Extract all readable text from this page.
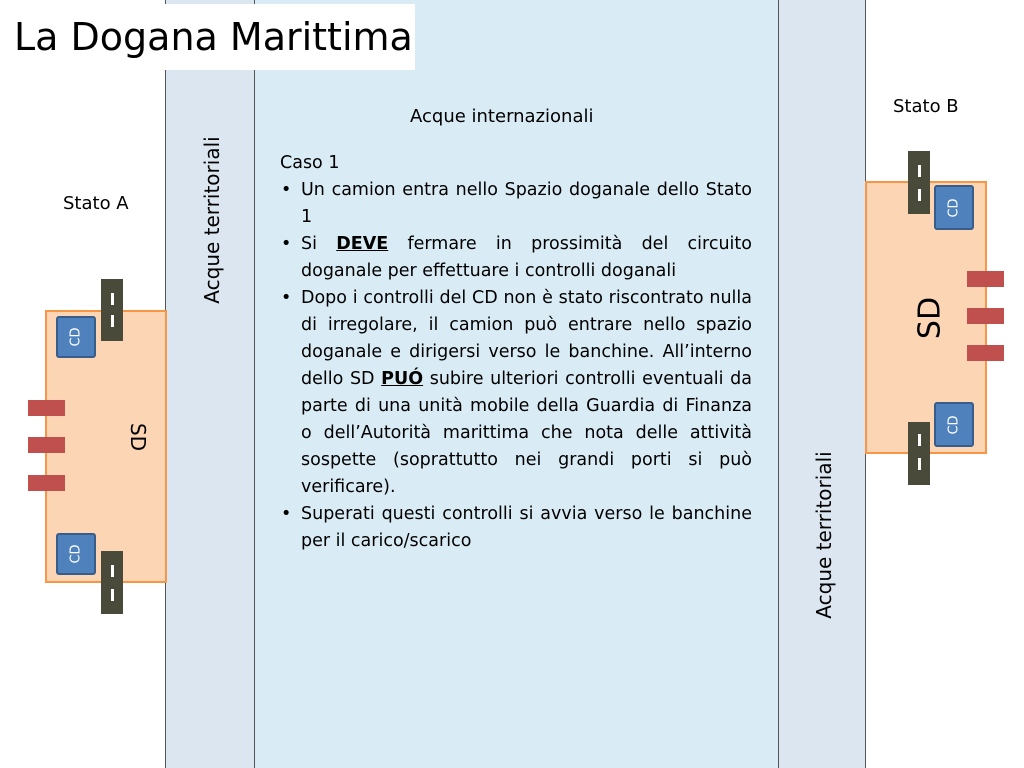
La Dogana Marittima
Acque territoriali
Acque territoriali
Acque internazionali
Stato A
SD
CD
CD
Stato B
SD
CD
CD
Caso 1
• Un camion entra nello Spazio doganale dello Stato 1
• Si DEVE fermare in prossimità del circuito doganale per effettuare i controlli doganali
• Dopo i controlli del CD non è stato riscontrato nulla di irregolare, il camion può entrare nello spazio doganale e dirigersi verso le banchine. All’interno dello SD PUÓ subire ulteriori controlli eventuali da parte di una unità mobile della Guardia di Finanza o dell’Autorità marittima che nota delle attività sospette (soprattutto nei grandi porti si può verificare).
• Superati questi controlli si avvia verso le banchine per il carico/scarico
